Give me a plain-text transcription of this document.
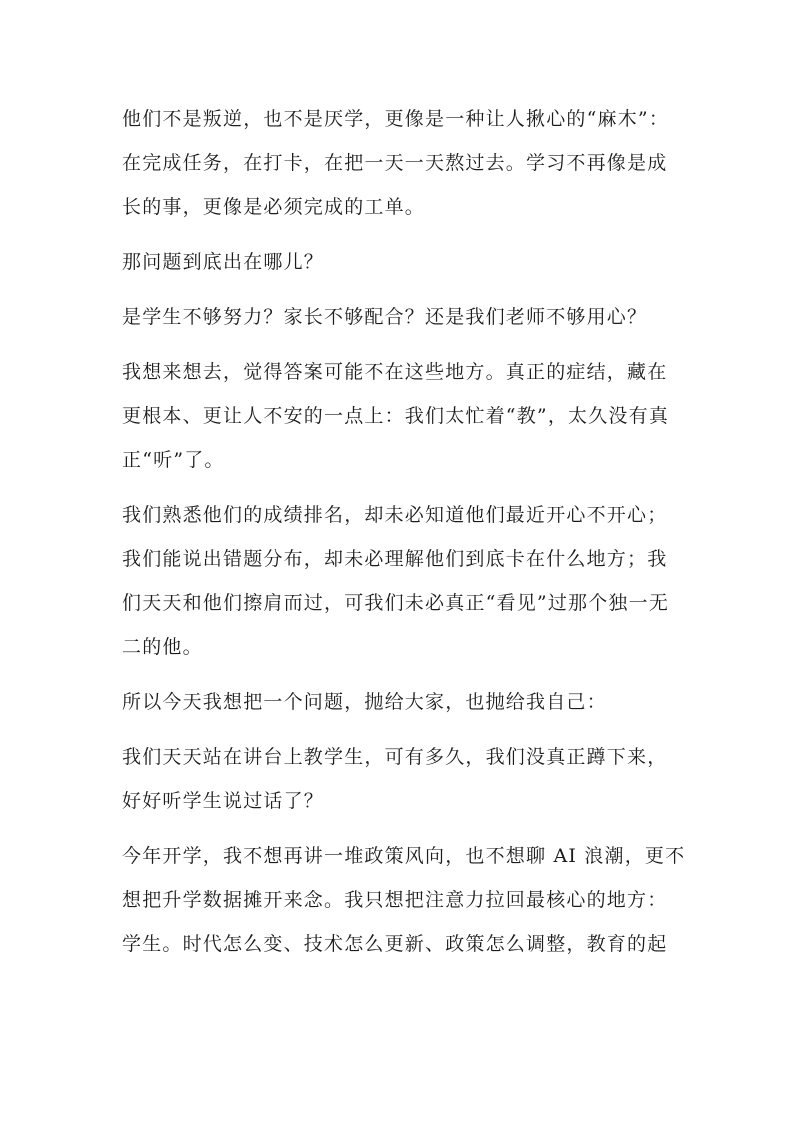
他们不是叛逆，也不是厌学，更像是一种让人揪心的“麻木”：
在完成任务，在打卡，在把一天一天熬过去。学习不再像是成
长的事，更像是必须完成的工单。

那问题到底出在哪儿？

是学生不够努力？家长不够配合？还是我们老师不够用心？

我想来想去，觉得答案可能不在这些地方。真正的症结，藏在
更根本、更让人不安的一点上：我们太忙着“教”，太久没有真
正“听”了。

我们熟悉他们的成绩排名，却未必知道他们最近开心不开心；
我们能说出错题分布，却未必理解他们到底卡在什么地方；我
们天天和他们擦肩而过，可我们未必真正“看见”过那个独一无
二的他。

所以今天我想把一个问题，抛给大家，也抛给我自己：

我们天天站在讲台上教学生，可有多久，我们没真正蹲下来，
好好听学生说过话了？

今年开学，我不想再讲一堆政策风向，也不想聊 AI 浪潮，更不
想把升学数据摊开来念。我只想把注意力拉回最核心的地方：
学生。时代怎么变、技术怎么更新、政策怎么调整，教育的起
